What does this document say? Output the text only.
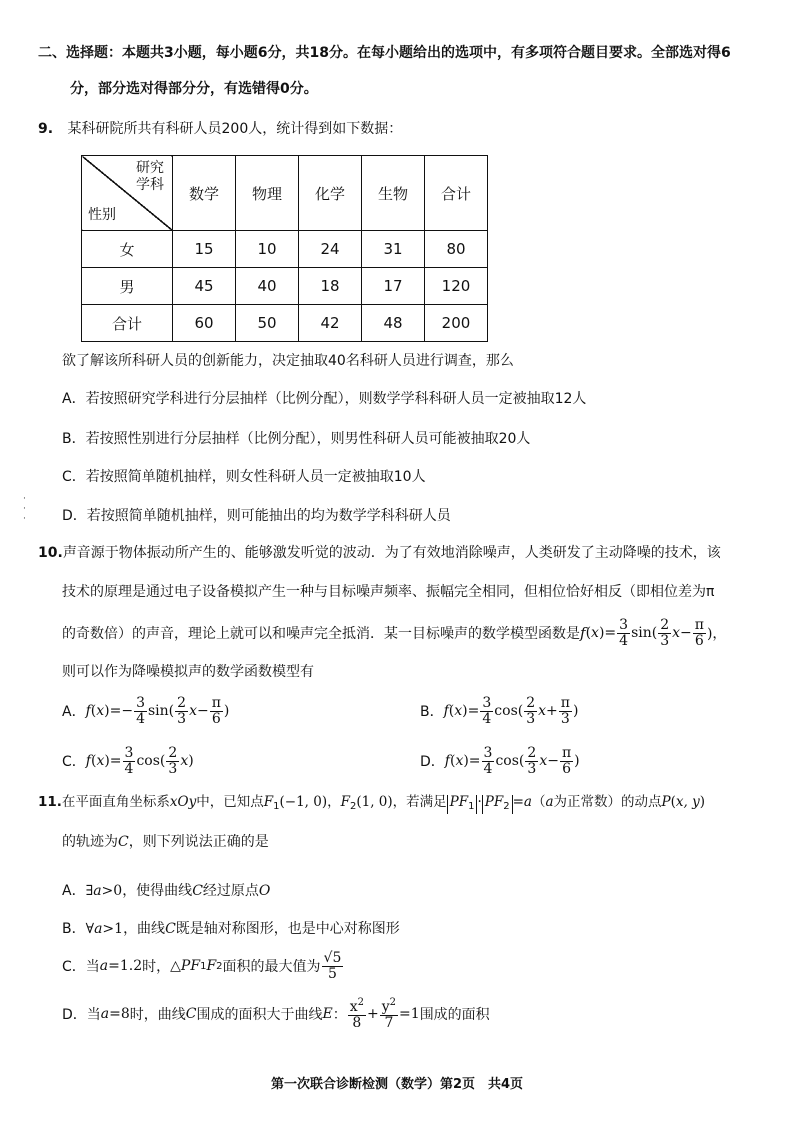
二、选择题：本题共3小题，每小题6分，共18分。在每小题给出的选项中，有多项符合题目要求。全部选对得6
分，部分选对得部分分，有选错得0分。
9. 某科研院所共有科研人员200人，统计得到如下数据：
研究
学科
性别	数学	物理	化学	生物	合计
女	15	10	24	31	80
男	45	40	18	17	120
合计	60	50	42	48	200
欲了解该所科研人员的创新能力，决定抽取40名科研人员进行调查，那么
A．若按照研究学科进行分层抽样（比例分配），则数学学科科研人员一定被抽取12人
B．若按照性别进行分层抽样（比例分配），则男性科研人员可能被抽取20人
C．若按照简单随机抽样，则女性科研人员一定被抽取10人
D．若按照简单随机抽样，则可能抽出的均为数学学科科研人员
·
·
·
10.声音源于物体振动所产生的、能够激发听觉的波动．为了有效地消除噪声，人类研发了主动降噪的技术，该
技术的原理是通过电子设备模拟产生一种与目标噪声频率、振幅完全相同，但相位恰好相反（即相位差为π
的奇数倍）的声音，理论上就可以和噪声完全抵消．某一目标噪声的数学模型函数是 f ( x )= $\frac{3}{4} \sin( \frac{2}{3}$ $x - \frac{\pi}{6}$ )，
则可以作为降噪模拟声的数学函数模型有
A． f ( x )=− $\frac{3}{4} \sin( \frac{2}{3}$ $x - \frac{\pi}{6}$ )	B． f ( x )= $\frac{3}{4} \cos( \frac{2}{3}$ $x + \frac{\pi}{3}$ )
C． f ( x )= $\frac{3}{4} \cos( \frac{2}{3}$ x )	D． f ( x )= $\frac{3}{4} \cos( \frac{2}{3}$ $x - \frac{\pi}{6}$ )
11.在平面直角坐标系xOy中，已知点$F_1(-1$, 0)，$F_2(1$, 0)，若满足 $PF_1 \cdot PF_2 =a(a$为正常数）的动点P(x, y)
的轨迹为C，则下列说法正确的是
A．∃a>0，使得曲线C经过原点O
B．∀a>1，曲线C既是轴对称图形，也是中心对称图形
C．当 a =1.2 时， △ PF 1 F 2 面积的最大值为 $\frac{√5}{5}$
D．当 a =8 时，曲线 C 围成的面积大于曲线 E ： $\frac{x^2}{8} + \frac{y^2}{7} =1$ 围成的面积
第一次联合诊断检测（数学）第2页　共4页
